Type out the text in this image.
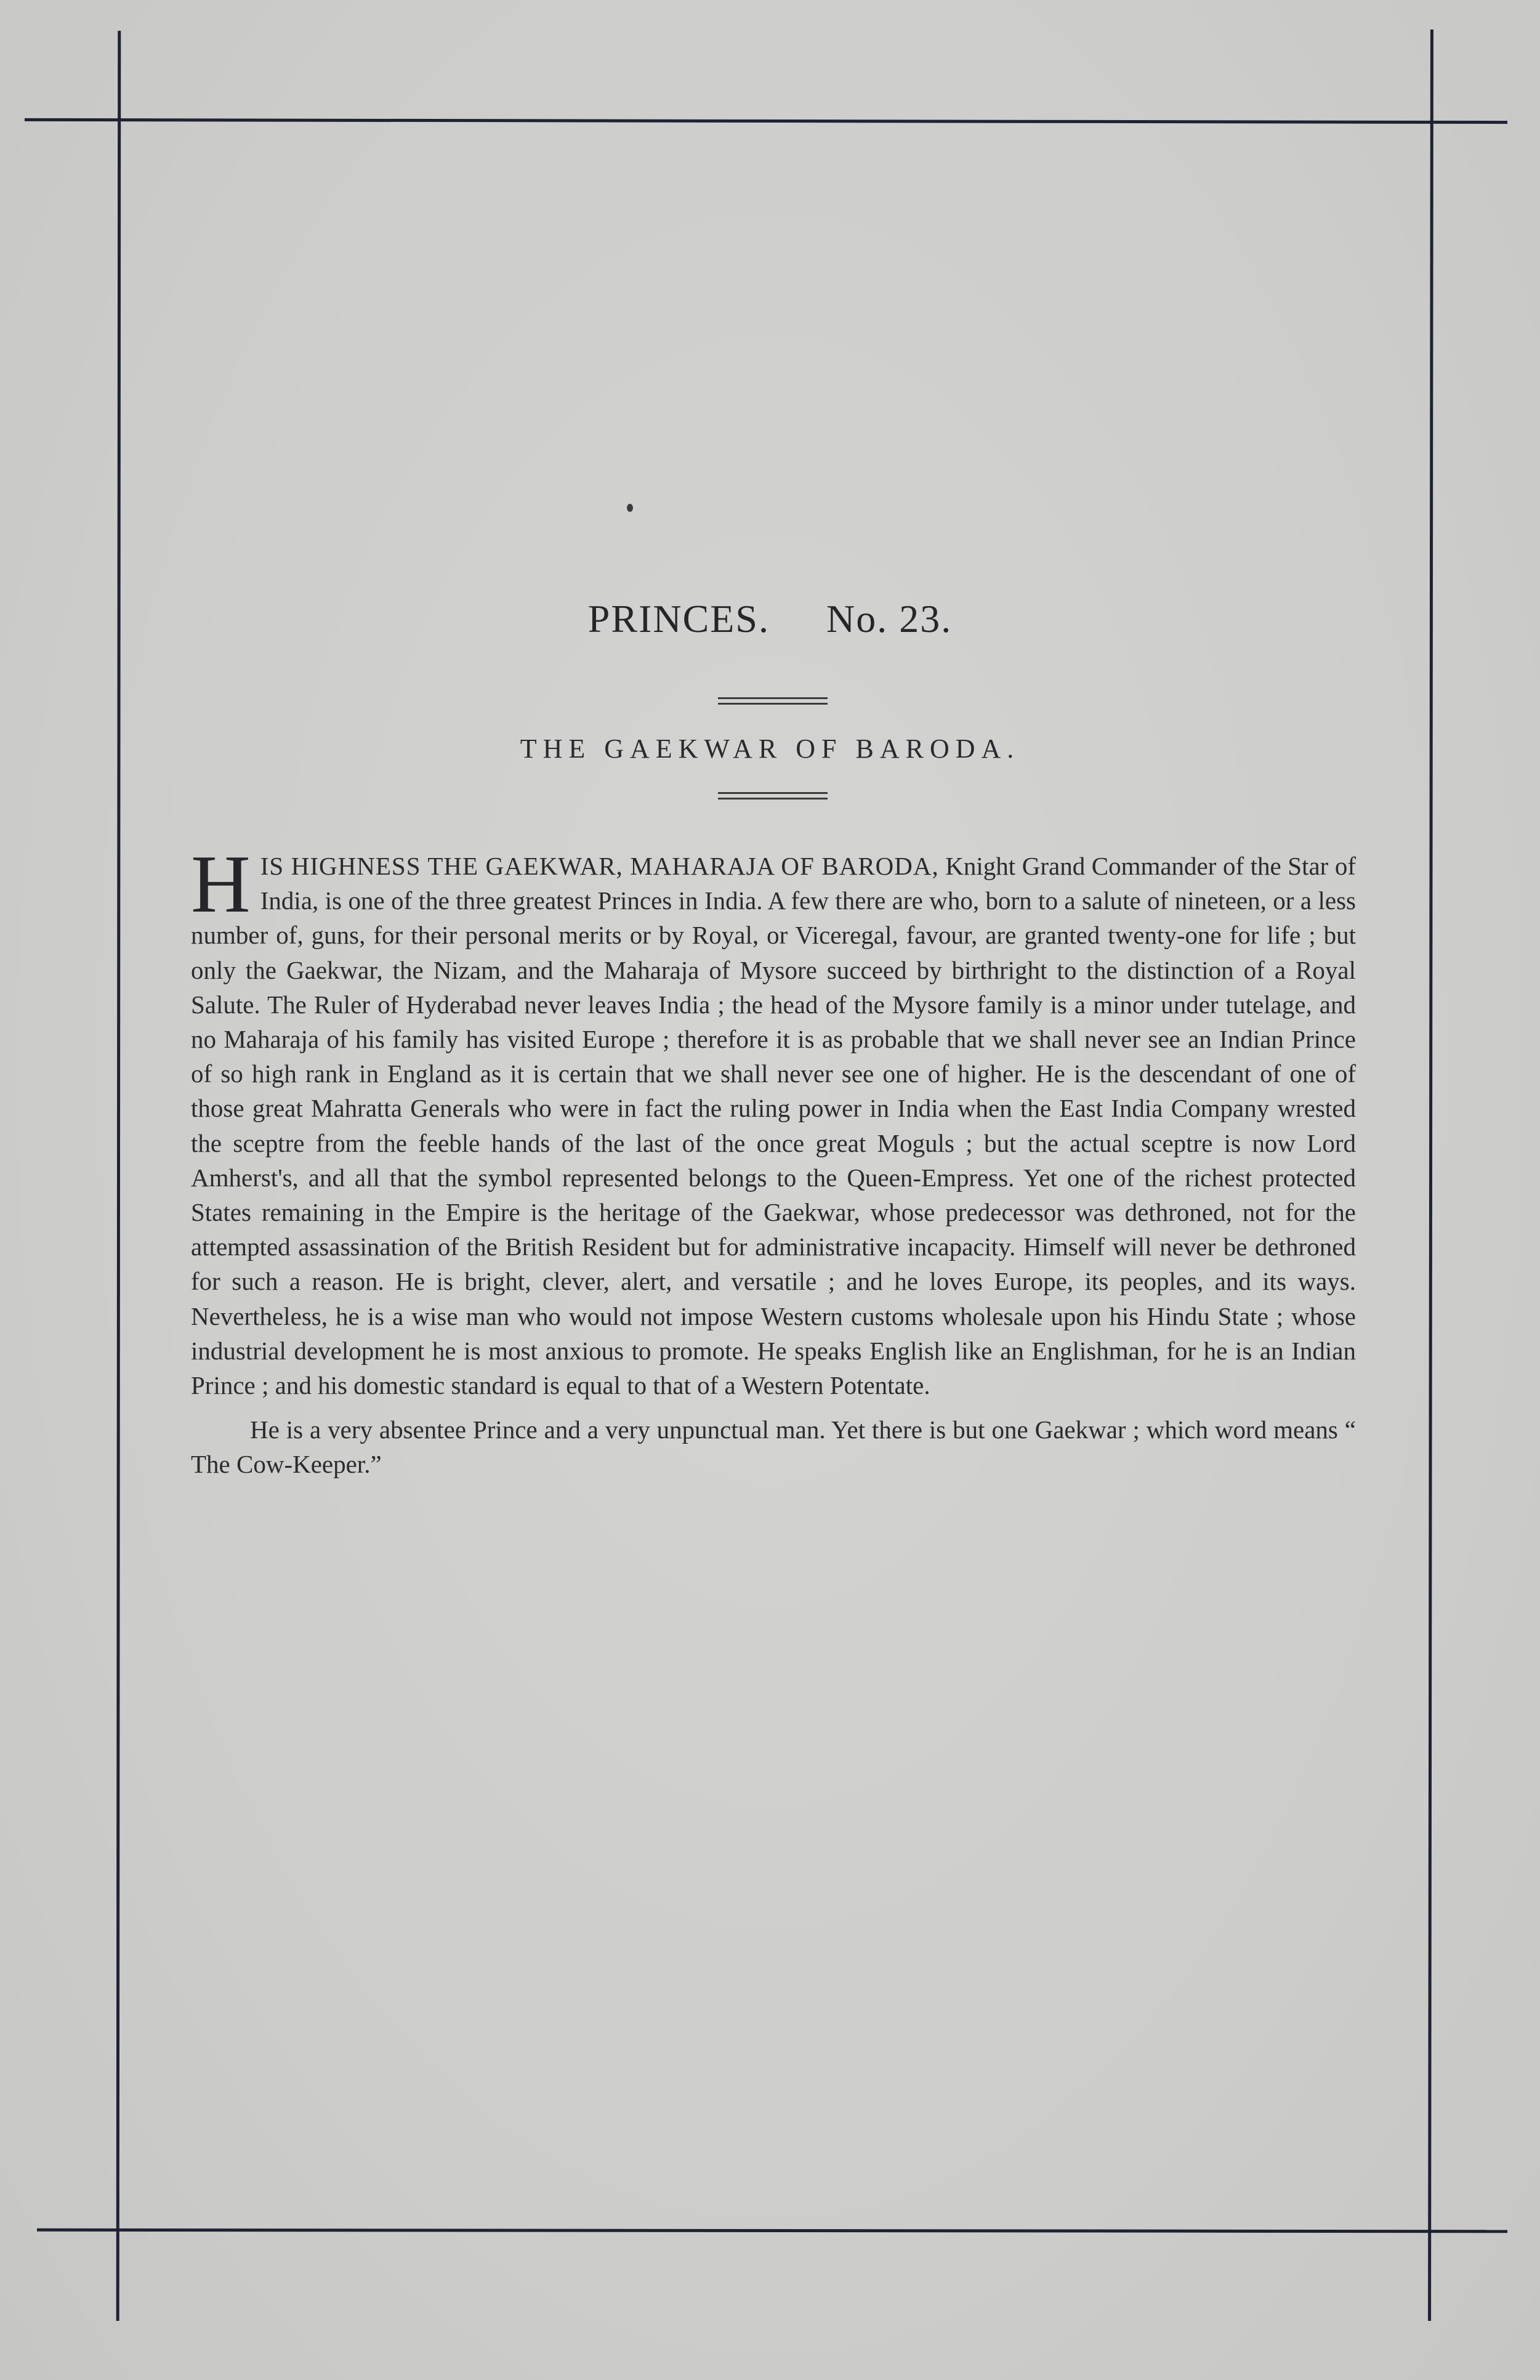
PRINCES. No. 23.
THE GAEKWAR OF BARODA.

HIS HIGHNESS THE GAEKWAR, MAHARAJA OF BARODA, Knight Grand Commander of the Star of India, is one of the three greatest Princes in India. A few there are who, born to a salute of nineteen, or a less number of, guns, for their personal merits or by Royal, or Viceregal, favour, are granted twenty-one for life ; but only the Gaekwar, the Nizam, and the Maharaja of Mysore succeed by birthright to the distinction of a Royal Salute. The Ruler of Hyderabad never leaves India ; the head of the Mysore family is a minor under tutelage, and no Maharaja of his family has visited Europe ; therefore it is as probable that we shall never see an Indian Prince of so high rank in England as it is certain that we shall never see one of higher. He is the descendant of one of those great Mahratta Generals who were in fact the ruling power in India when the East India Company wrested the sceptre from the feeble hands of the last of the once great Moguls ; but the actual sceptre is now Lord Amherst's, and all that the symbol represented belongs to the Queen-Empress. Yet one of the richest protected States remaining in the Empire is the heritage of the Gaekwar, whose predecessor was dethroned, not for the attempted assassination of the British Resident but for administrative incapacity. Himself will never be dethroned for such a reason. He is bright, clever, alert, and versatile ; and he loves Europe, its peoples, and its ways. Nevertheless, he is a wise man who would not impose Western customs wholesale upon his Hindu State ; whose industrial development he is most anxious to promote. He speaks English like an Englishman, for he is an Indian Prince ; and his domestic standard is equal to that of a Western Potentate.

He is a very absentee Prince and a very unpunctual man. Yet there is but one Gaekwar ; which word means “ The Cow-Keeper.”
